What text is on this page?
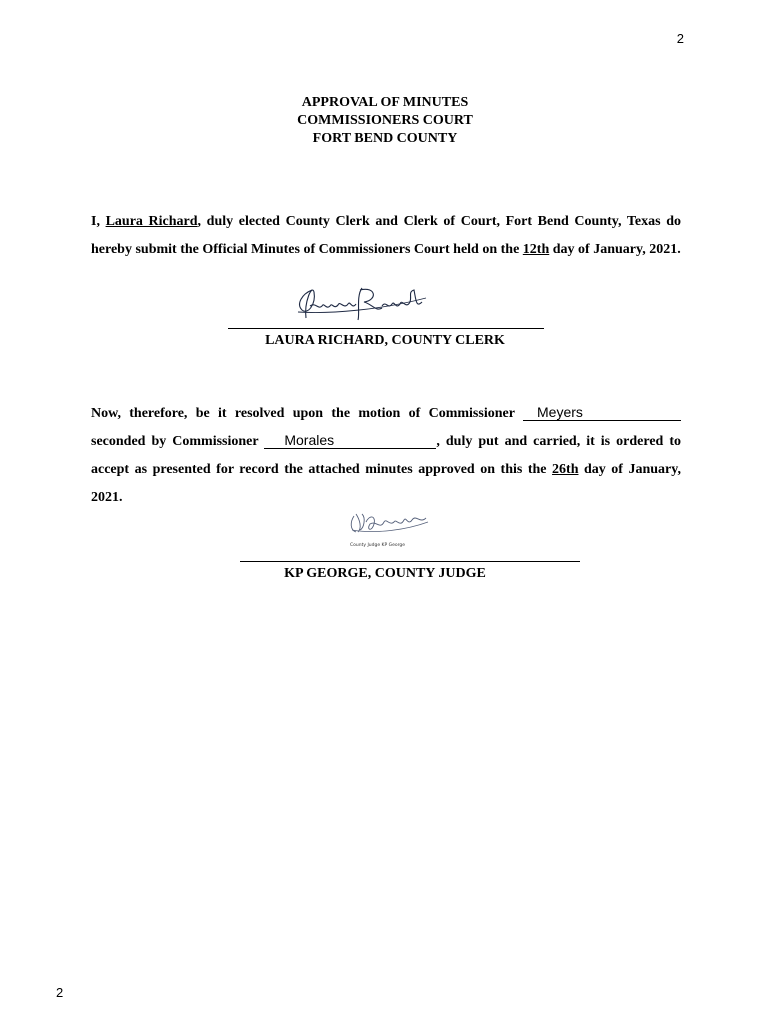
2
APPROVAL OF MINUTES
COMMISSIONERS COURT
FORT BEND COUNTY
I, Laura Richard, duly elected County Clerk and Clerk of Court, Fort Bend County, Texas do hereby submit the Official Minutes of Commissioners Court held on the 12th day of January, 2021.
LAURA RICHARD, COUNTY CLERK
Now, therefore, be it resolved upon the motion of Commissioner Meyers seconded by Commissioner Morales	, duly put and carried, it is ordered to accept as presented for record the attached minutes approved on this the 26th day of January, 2021.
County Judge KP George
KP GEORGE, COUNTY JUDGE
2
